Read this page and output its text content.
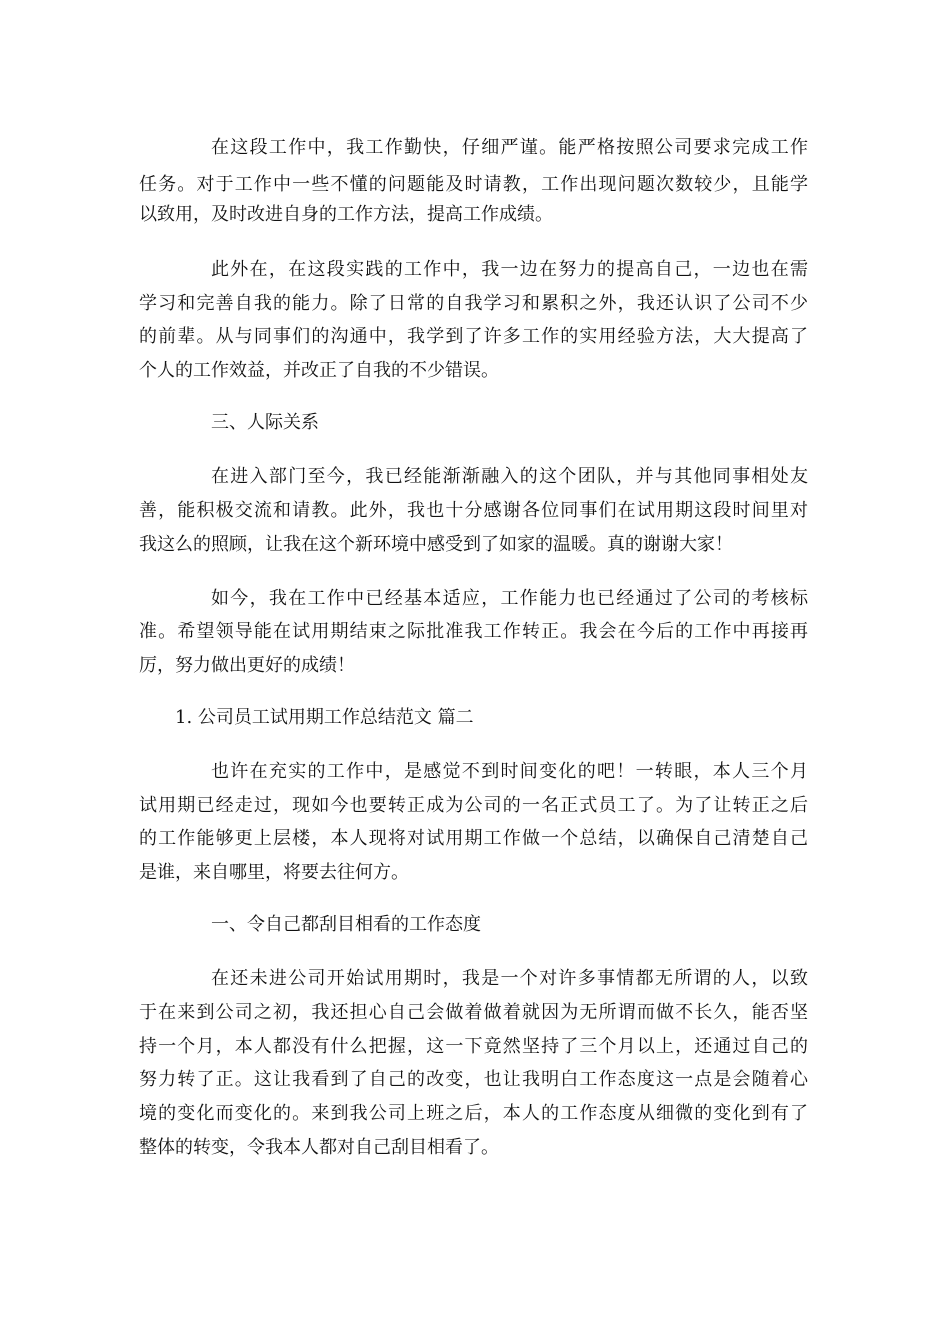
在这段工作中，我工作勤快，仔细严谨。能严格按照公司要求完成工作
任务。对于工作中一些不懂的问题能及时请教，工作出现问题次数较少，且能学
以致用，及时改进自身的工作方法，提高工作成绩。
此外在，在这段实践的工作中，我一边在努力的提高自己，一边也在需
学习和完善自我的能力。除了日常的自我学习和累积之外，我还认识了公司不少
的前辈。从与同事们的沟通中，我学到了许多工作的实用经验方法，大大提高了
个人的工作效益，并改正了自我的不少错误。
三、人际关系
在进入部门至今，我已经能渐渐融入的这个团队，并与其他同事相处友
善，能积极交流和请教。此外，我也十分感谢各位同事们在试用期这段时间里对
我这么的照顾，让我在这个新环境中感受到了如家的温暖。真的谢谢大家！
如今，我在工作中已经基本适应，工作能力也已经通过了公司的考核标
准。希望领导能在试用期结束之际批准我工作转正。我会在今后的工作中再接再
厉，努力做出更好的成绩！
1. 公司员工试用期工作总结范文 篇二
也许在充实的工作中，是感觉不到时间变化的吧！一转眼，本人三个月
试用期已经走过，现如今也要转正成为公司的一名正式员工了。为了让转正之后
的工作能够更上层楼，本人现将对试用期工作做一个总结，以确保自己清楚自己
是谁，来自哪里，将要去往何方。
一、令自己都刮目相看的工作态度
在还未进公司开始试用期时，我是一个对许多事情都无所谓的人，以致
于在来到公司之初，我还担心自己会做着做着就因为无所谓而做不长久，能否坚
持一个月，本人都没有什么把握，这一下竟然坚持了三个月以上，还通过自己的
努力转了正。这让我看到了自己的改变，也让我明白工作态度这一点是会随着心
境的变化而变化的。来到我公司上班之后，本人的工作态度从细微的变化到有了
整体的转变，令我本人都对自己刮目相看了。
